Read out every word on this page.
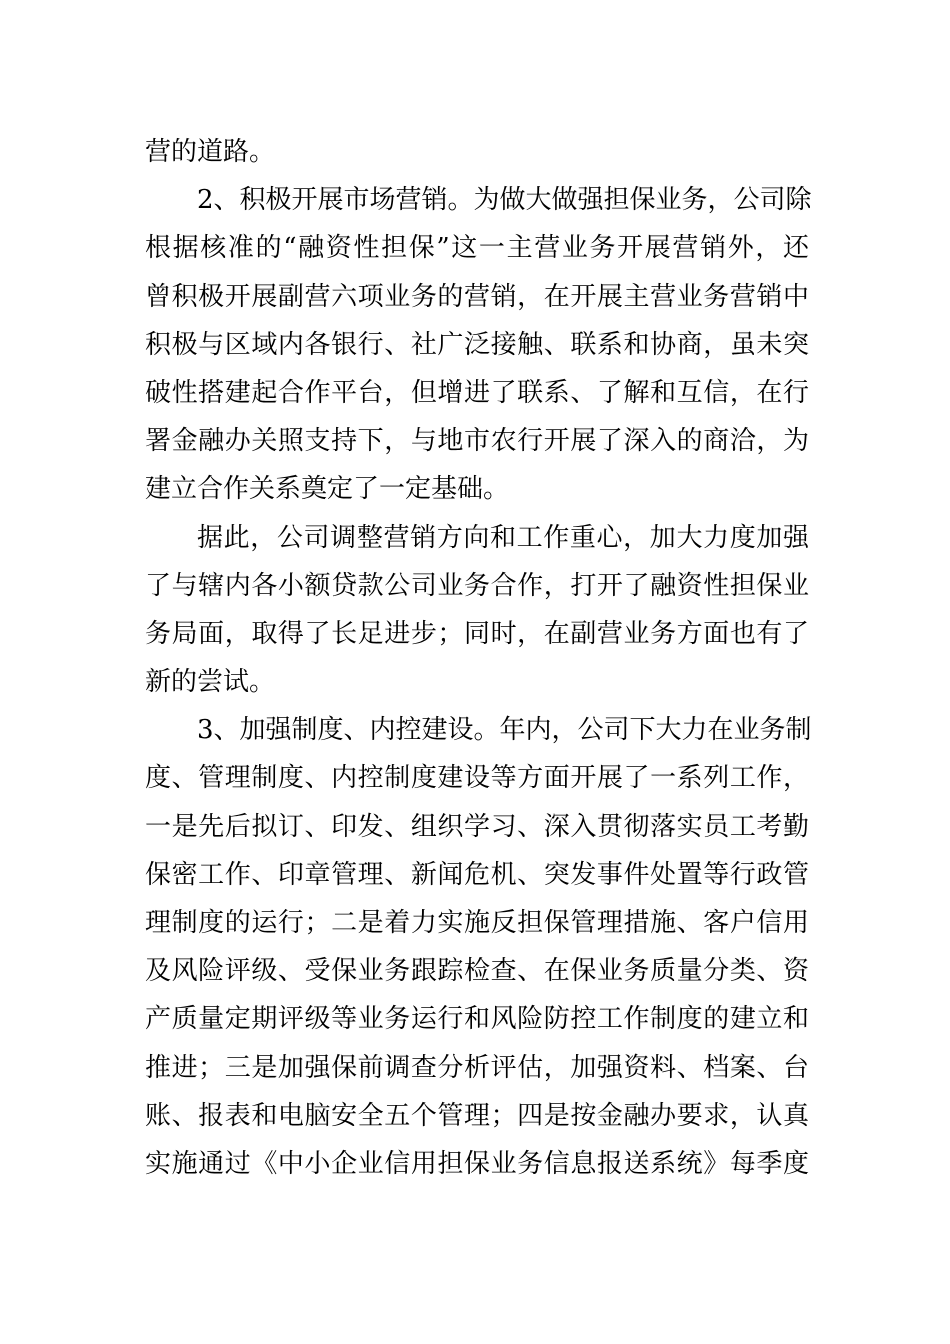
营的道路。
2、积极开展市场营销。为做大做强担保业务，公司除
根据核准的“融资性担保”这一主营业务开展营销外，还
曾积极开展副营六项业务的营销，在开展主营业务营销中
积极与区域内各银行、社广泛接触、联系和协商，虽未突
破性搭建起合作平台，但增进了联系、了解和互信，在行
署金融办关照支持下，与地市农行开展了深入的商洽，为
建立合作关系奠定了一定基础。
据此，公司调整营销方向和工作重心，加大力度加强
了与辖内各小额贷款公司业务合作，打开了融资性担保业
务局面，取得了长足进步；同时，在副营业务方面也有了
新的尝试。
3、加强制度、内控建设。年内，公司下大力在业务制
度、管理制度、内控制度建设等方面开展了一系列工作，
一是先后拟订、印发、组织学习、深入贯彻落实员工考勤
保密工作、印章管理、新闻危机、突发事件处置等行政管
理制度的运行；二是着力实施反担保管理措施、客户信用
及风险评级、受保业务跟踪检查、在保业务质量分类、资
产质量定期评级等业务运行和风险防控工作制度的建立和
推进；三是加强保前调查分析评估，加强资料、档案、台
账、报表和电脑安全五个管理；四是按金融办要求，认真
实施通过《中小企业信用担保业务信息报送系统》每季度
